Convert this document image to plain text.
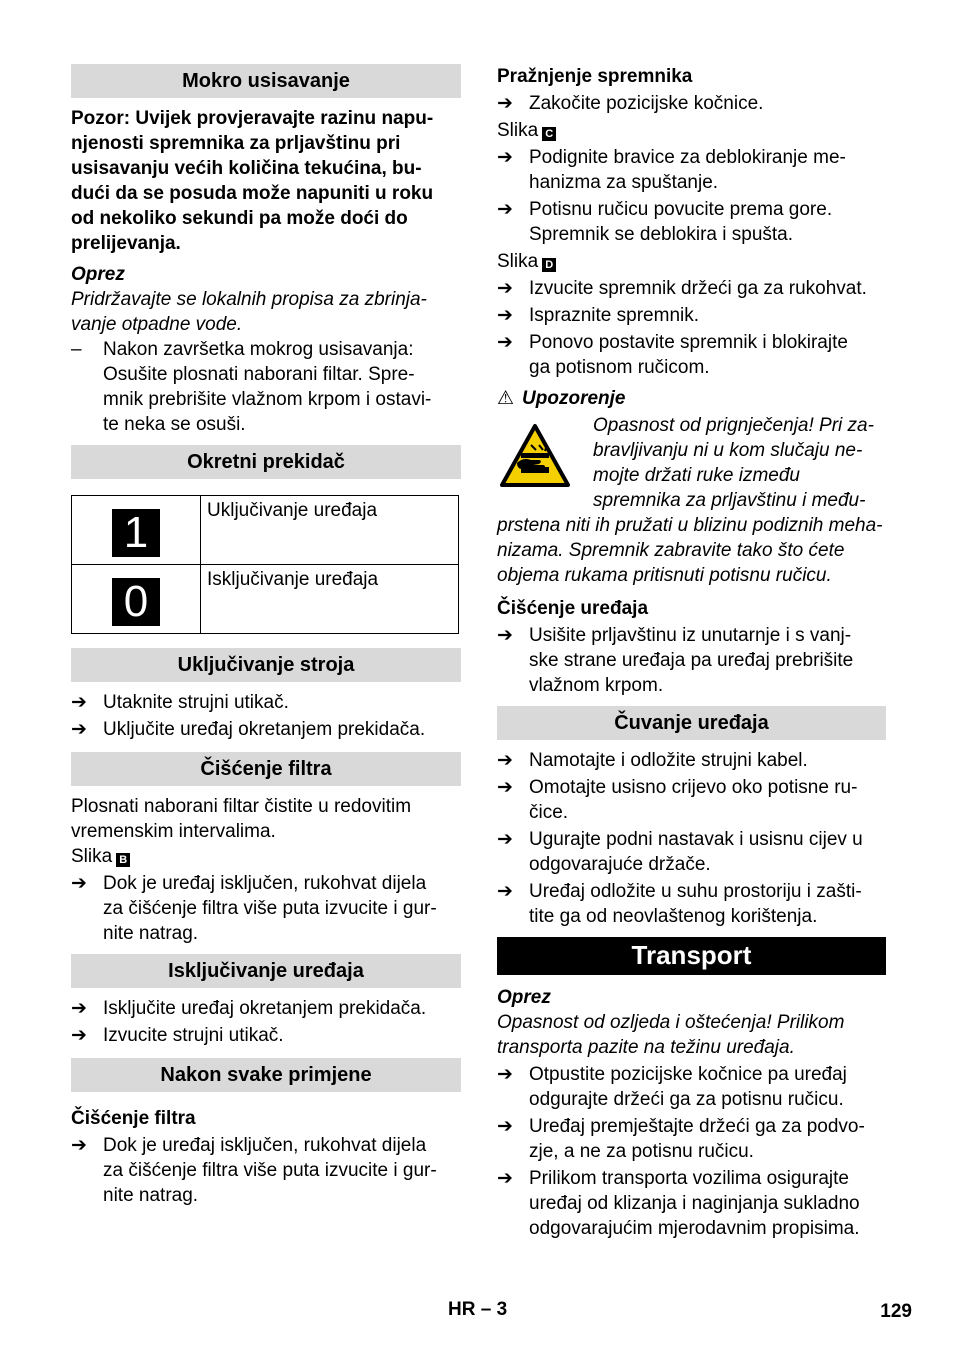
Mokro usisavanje
Pozor: Uvijek provjeravajte razinu napu-
njenosti spremnika za prljavštinu pri
usisavanju većih količina tekućina, bu-
dući da se posuda može napuniti u roku
od nekoliko sekundi pa može doći do
prelijevanja.
Oprez
Pridržavajte se lokalnih propisa za zbrinja-
vanje otpadne vode.
– Nakon završetka mokrog usisavanja:
Osušite plosnati naborani filtar. Spre-
mnik prebrišite vlažnom krpom i ostavi-
te neka se osuši.
Okretni prekidač
1	Uključivanje uređaja
0	Isključivanje uređaja
Uključivanje stroja
➔ Utaknite strujni utikač.
➔ Uključite uređaj okretanjem prekidača.
Čišćenje filtra
Plosnati naborani filtar čistite u redovitim
vremenskim intervalima.
Slika B
➔ Dok je uređaj isključen, rukohvat dijela
za čišćenje filtra više puta izvucite i gur-
nite natrag.
Isključivanje uređaja
➔ Isključite uređaj okretanjem prekidača.
➔ Izvucite strujni utikač.
Nakon svake primjene
Čišćenje filtra
➔ Dok je uređaj isključen, rukohvat dijela
za čišćenje filtra više puta izvucite i gur-
nite natrag.
Pražnjenje spremnika
➔ Zakočite pozicijske kočnice.
Slika C
➔ Podignite bravice za deblokiranje me-
hanizma za spuštanje.
➔ Potisnu ručicu povucite prema gore.
Spremnik se deblokira i spušta.
Slika D
➔ Izvucite spremnik držeći ga za rukohvat.
➔ Ispraznite spremnik.
➔ Ponovo postavite spremnik i blokirajte
ga potisnom ručicom.
⚠ Upozorenje
Opasnost od prignječenja! Pri za-
bravljivanju ni u kom slučaju ne-
mojte držati ruke između
spremnika za prljavštinu i među-
prstena niti ih pružati u blizinu podiznih meha-
nizama. Spremnik zabravite tako što ćete
objema rukama pritisnuti potisnu ručicu.
Čišćenje uređaja
➔ Usišite prljavštinu iz unutarnje i s vanj-
ske strane uređaja pa uređaj prebrišite
vlažnom krpom.
Čuvanje uređaja
➔ Namotajte i odložite strujni kabel.
➔ Omotajte usisno crijevo oko potisne ru-
čice.
➔ Ugurajte podni nastavak i usisnu cijev u
odgovarajuće držače.
➔ Uređaj odložite u suhu prostoriju i zašti-
tite ga od neovlaštenog korištenja.
Transport
Oprez
Opasnost od ozljeda i oštećenja! Prilikom
transporta pazite na težinu uređaja.
➔ Otpustite pozicijske kočnice pa uređaj
odgurajte držeći ga za potisnu ručicu.
➔ Uređaj premještajte držeći ga za podvo-
zje, a ne za potisnu ručicu.
➔ Prilikom transporta vozilima osigurajte
uređaj od klizanja i naginjanja sukladno
odgovarajućim mjerodavnim propisima.
HR – 3	129
